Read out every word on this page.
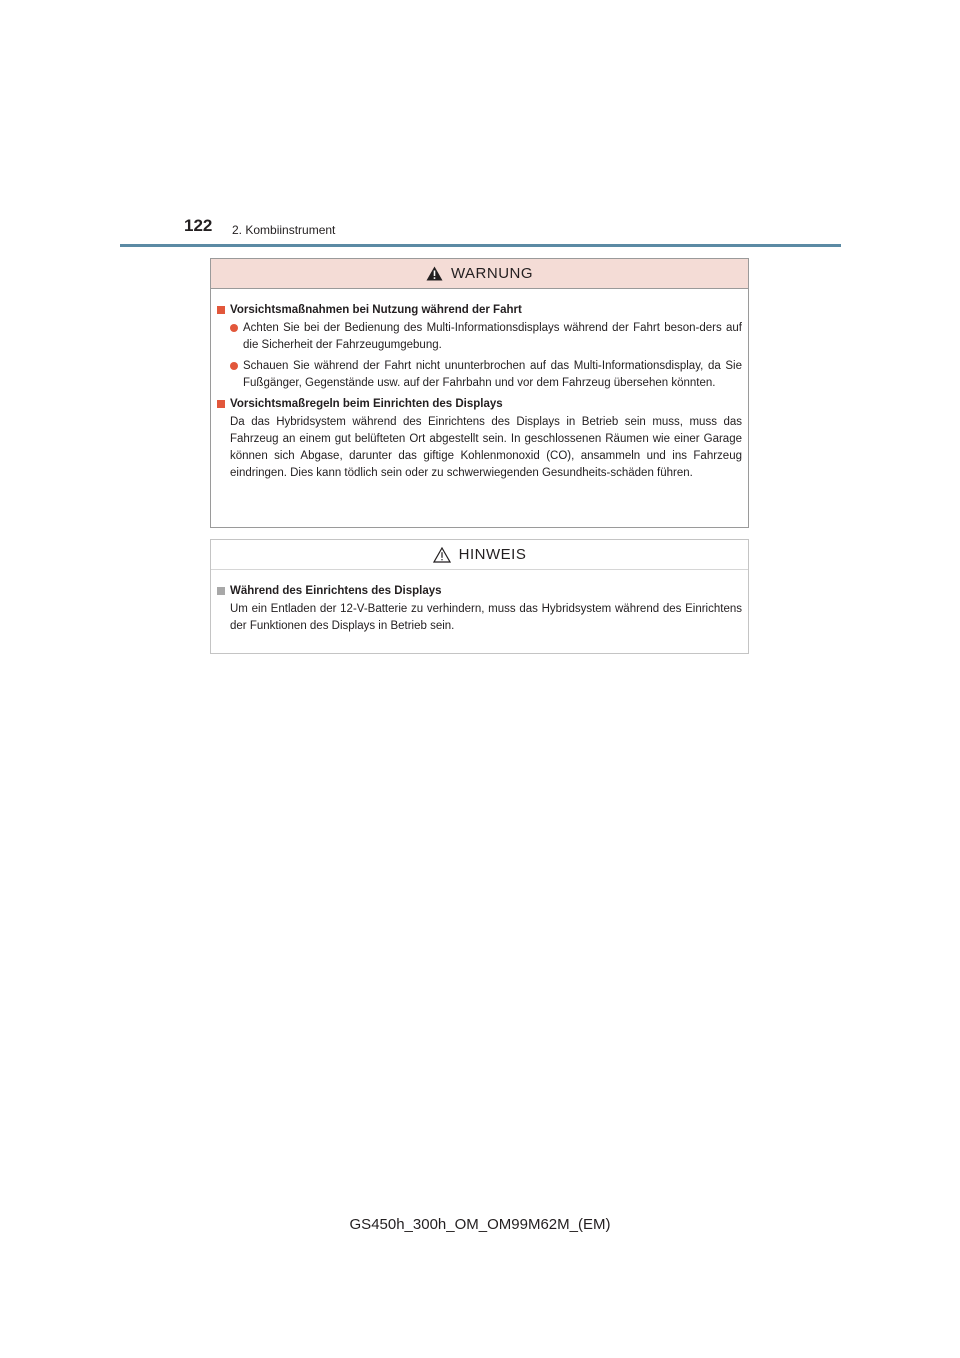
122 2. Kombiinstrument
WARNUNG
Vorsichtsmaßnahmen bei Nutzung während der Fahrt
Achten Sie bei der Bedienung des Multi-Informationsdisplays während der Fahrt beson-ders auf die Sicherheit der Fahrzeugumgebung.
Schauen Sie während der Fahrt nicht ununterbrochen auf das Multi-Informationsdisplay, da Sie Fußgänger, Gegenstände usw. auf der Fahrbahn und vor dem Fahrzeug übersehen könnten.
Vorsichtsmaßregeln beim Einrichten des Displays
Da das Hybridsystem während des Einrichtens des Displays in Betrieb sein muss, muss das Fahrzeug an einem gut belüfteten Ort abgestellt sein. In geschlossenen Räumen wie einer Garage können sich Abgase, darunter das giftige Kohlenmonoxid (CO), ansammeln und ins Fahrzeug eindringen. Dies kann tödlich sein oder zu schwerwiegenden Gesundheits-schäden führen.
HINWEIS
Während des Einrichtens des Displays
Um ein Entladen der 12-V-Batterie zu verhindern, muss das Hybridsystem während des Einrichtens der Funktionen des Displays in Betrieb sein.
GS450h_300h_OM_OM99M62M_(EM)
